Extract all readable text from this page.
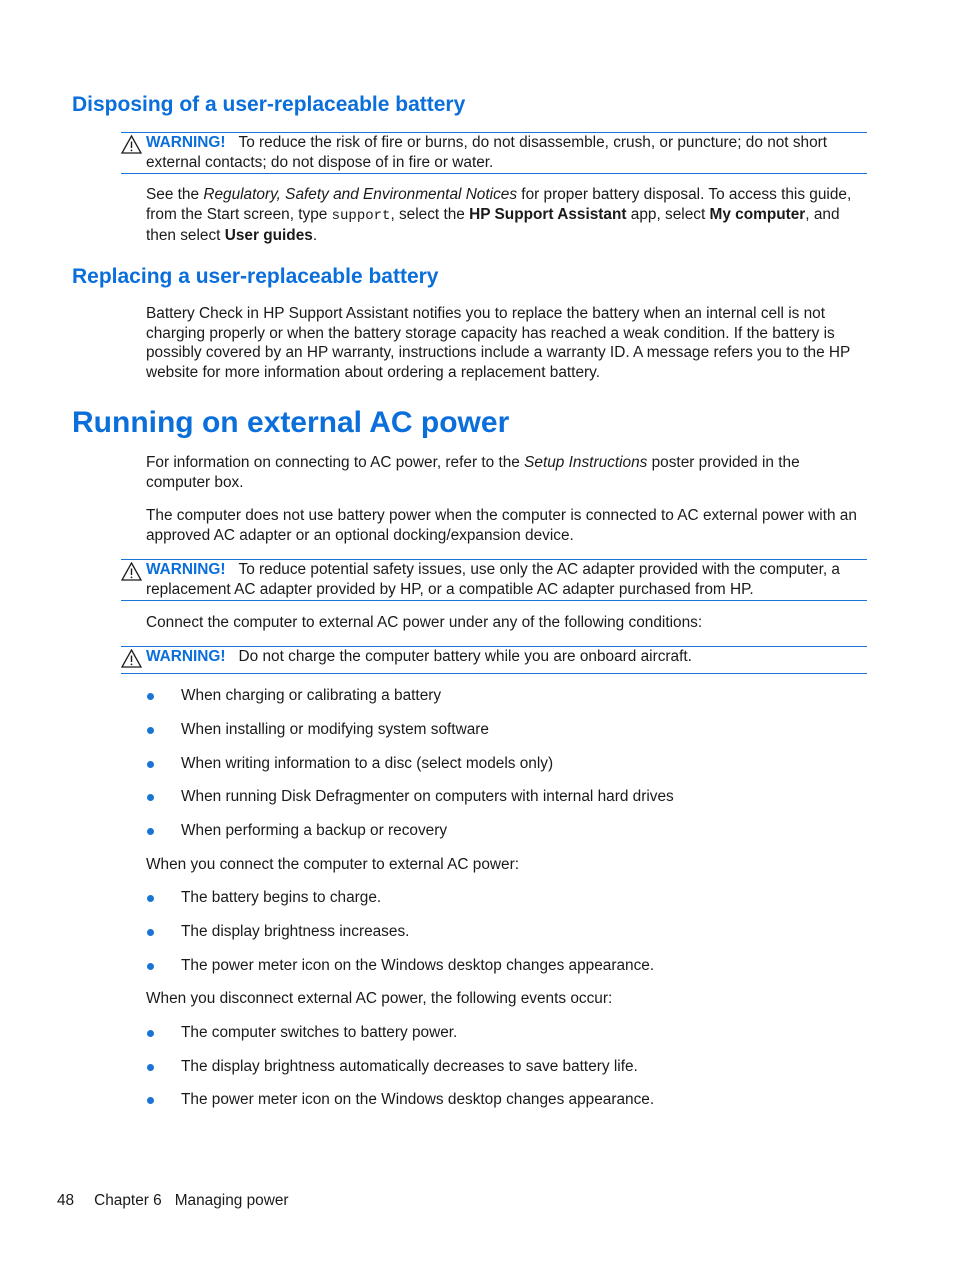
Disposing of a user-replaceable battery
WARNING! To reduce the risk of fire or burns, do not disassemble, crush, or puncture; do not short external contacts; do not dispose of in fire or water.

See the Regulatory, Safety and Environmental Notices for proper battery disposal. To access this guide, from the Start screen, type support, select the HP Support Assistant app, select My computer, and then select User guides.

Replacing a user-replaceable battery

Battery Check in HP Support Assistant notifies you to replace the battery when an internal cell is not charging properly or when the battery storage capacity has reached a weak condition. If the battery is possibly covered by an HP warranty, instructions include a warranty ID. A message refers you to the HP website for more information about ordering a replacement battery.

Running on external AC power

For information on connecting to AC power, refer to the Setup Instructions poster provided in the computer box.

The computer does not use battery power when the computer is connected to AC external power with an approved AC adapter or an optional docking/expansion device.

WARNING! To reduce potential safety issues, use only the AC adapter provided with the computer, a replacement AC adapter provided by HP, or a compatible AC adapter purchased from HP.

Connect the computer to external AC power under any of the following conditions:

WARNING! Do not charge the computer battery while you are onboard aircraft.
When charging or calibrating a battery
When installing or modifying system software
When writing information to a disc (select models only)
When running Disk Defragmenter on computers with internal hard drives
When performing a backup or recovery

When you connect the computer to external AC power:

The battery begins to charge.
The display brightness increases.
The power meter icon on the Windows desktop changes appearance.

When you disconnect external AC power, the following events occur:

The computer switches to battery power.
The display brightness automatically decreases to save battery life.
The power meter icon on the Windows desktop changes appearance.
48 Chapter 6 Managing power
